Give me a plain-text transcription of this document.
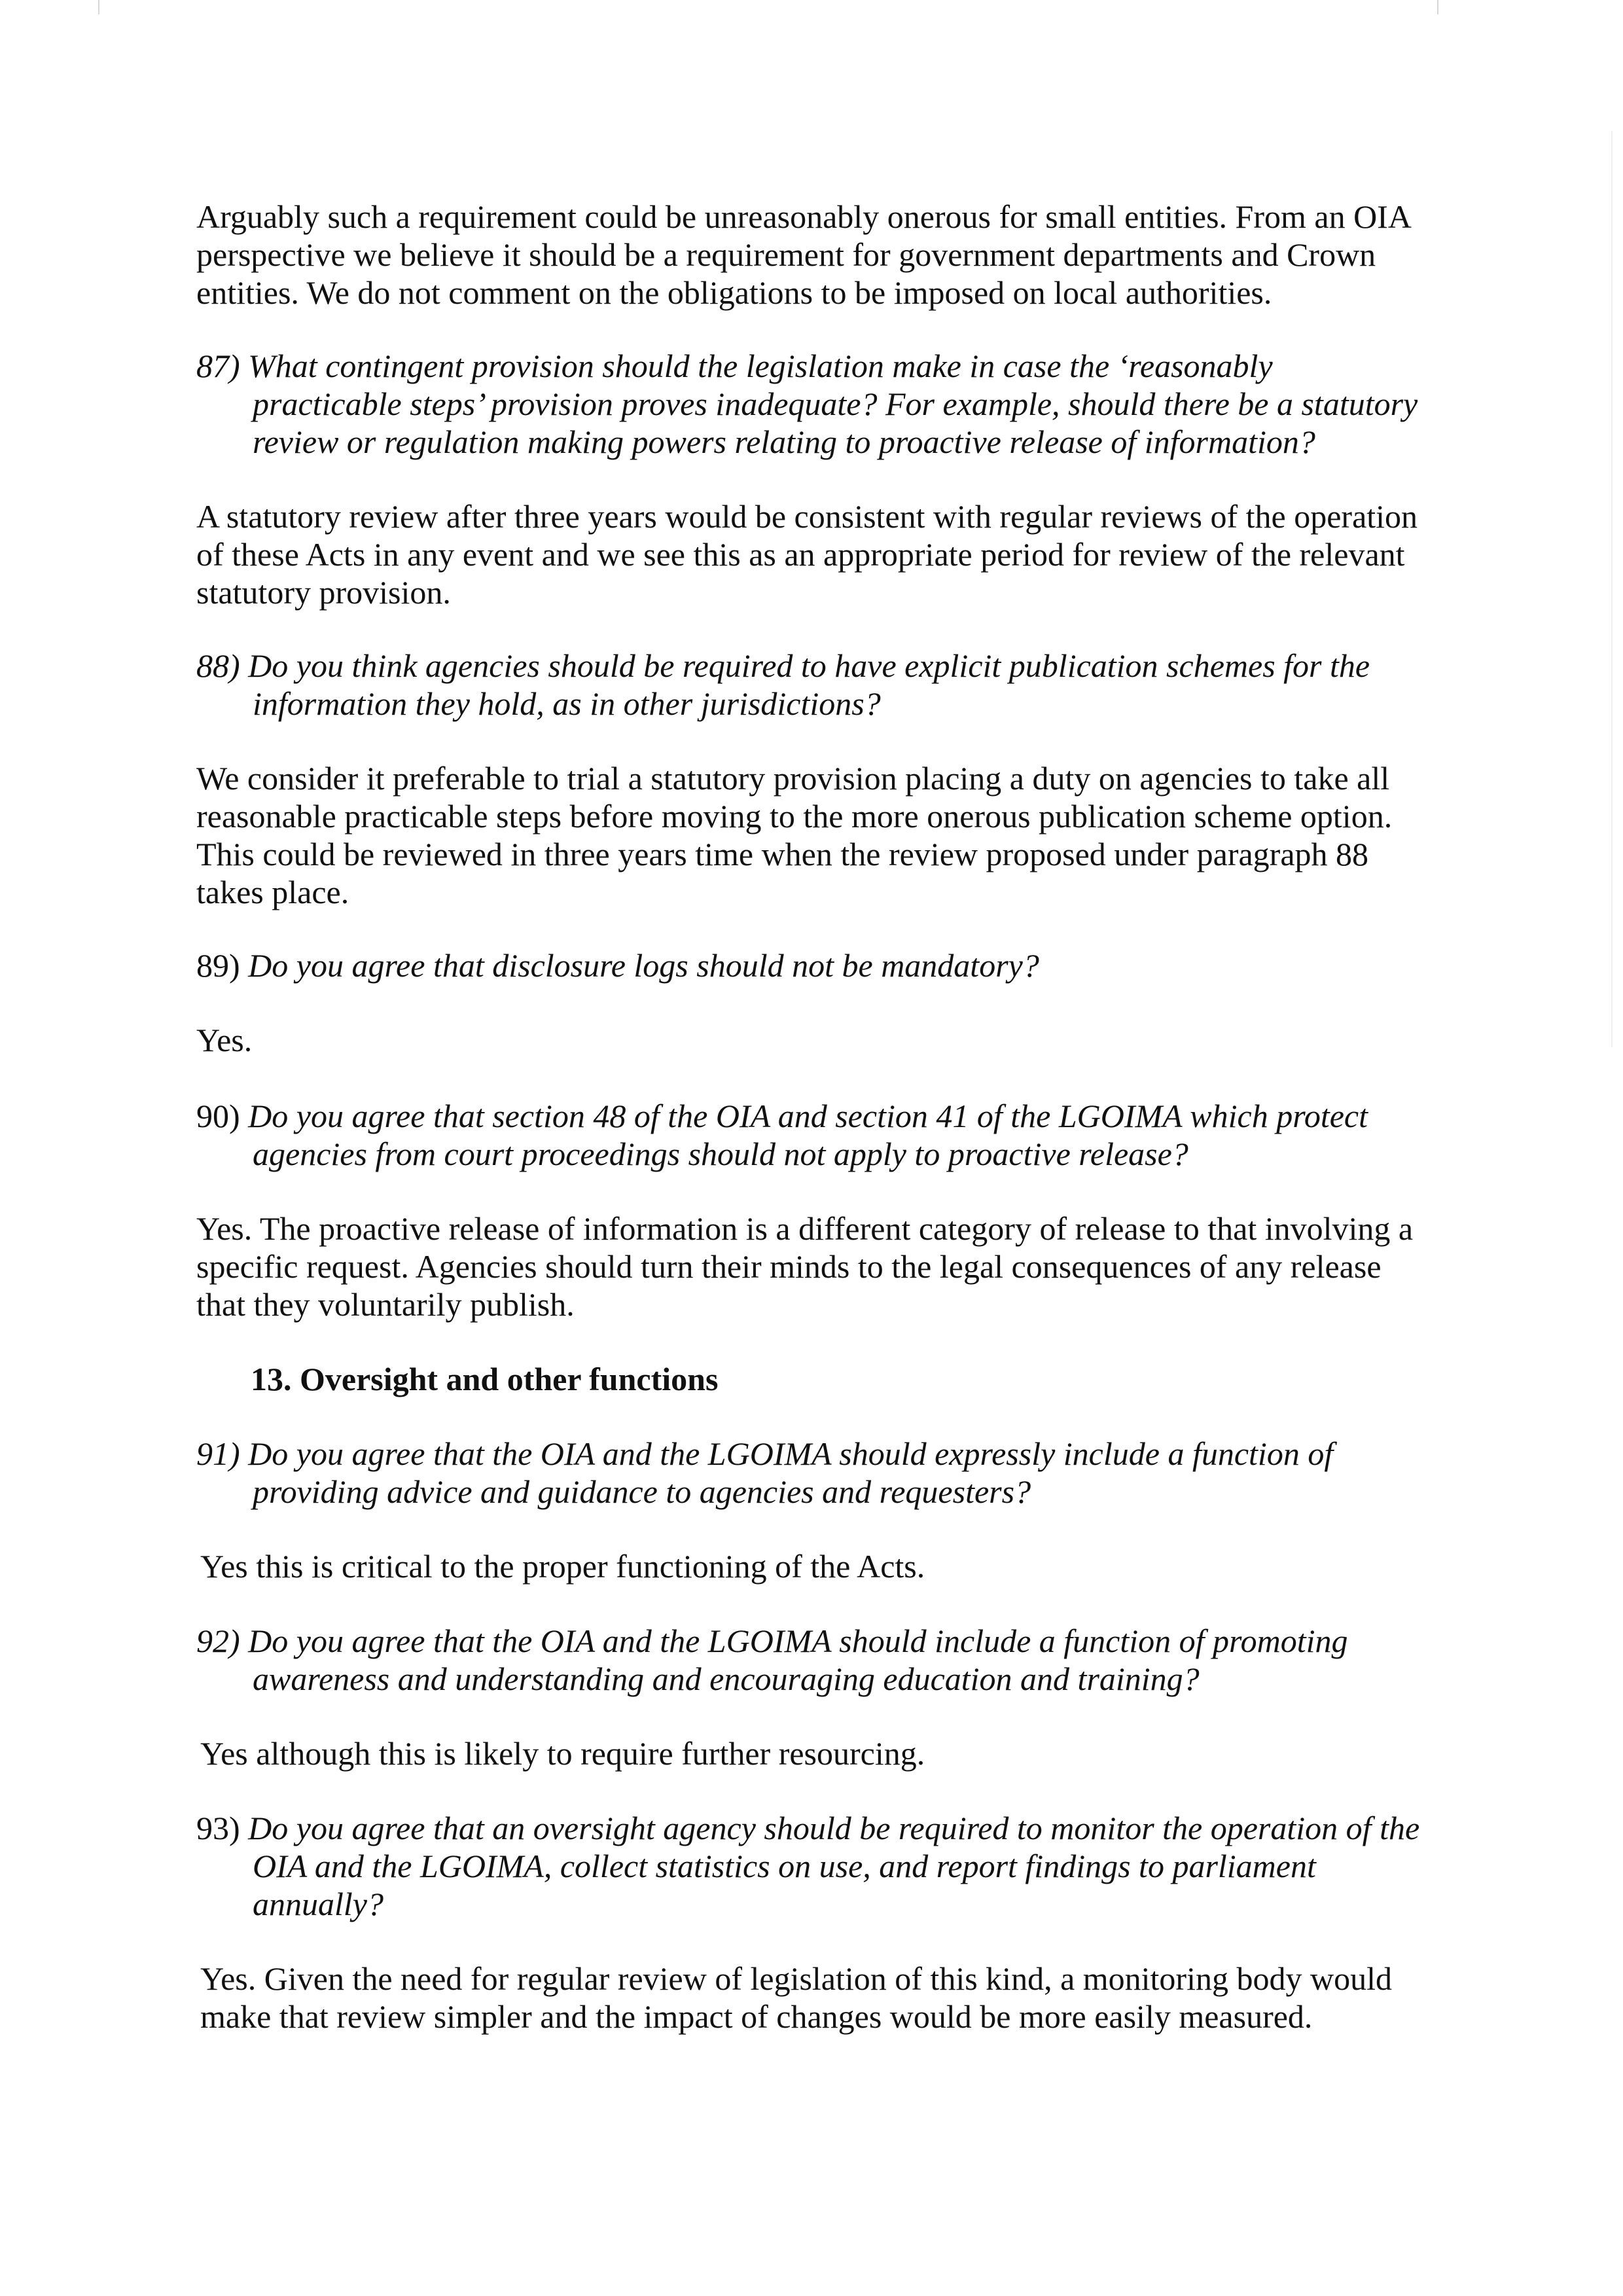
Arguably such a requirement could be unreasonably onerous for small entities. From an OIA
perspective we believe it should be a requirement for government departments and Crown
entities. We do not comment on the obligations to be imposed on local authorities.
87) What contingent provision should the legislation make in case the ‘reasonably
practicable steps’ provision proves inadequate? For example, should there be a statutory
review or regulation making powers relating to proactive release of information?
A statutory review after three years would be consistent with regular reviews of the operation
of these Acts in any event and we see this as an appropriate period for review of the relevant
statutory provision.
88) Do you think agencies should be required to have explicit publication schemes for the
information they hold, as in other jurisdictions?
We consider it preferable to trial a statutory provision placing a duty on agencies to take all
reasonable practicable steps before moving to the more onerous publication scheme option.
This could be reviewed in three years time when the review proposed under paragraph 88
takes place.
89) Do you agree that disclosure logs should not be mandatory?
Yes.
90) Do you agree that section 48 of the OIA and section 41 of the LGOIMA which protect
agencies from court proceedings should not apply to proactive release?
Yes. The proactive release of information is a different category of release to that involving a
specific request. Agencies should turn their minds to the legal consequences of any release
that they voluntarily publish.
13. Oversight and other functions
91) Do you agree that the OIA and the LGOIMA should expressly include a function of
providing advice and guidance to agencies and requesters?
Yes this is critical to the proper functioning of the Acts.
92) Do you agree that the OIA and the LGOIMA should include a function of promoting
awareness and understanding and encouraging education and training?
Yes although this is likely to require further resourcing.
93) Do you agree that an oversight agency should be required to monitor the operation of the
OIA and the LGOIMA, collect statistics on use, and report findings to parliament
annually?
Yes. Given the need for regular review of legislation of this kind, a monitoring body would
make that review simpler and the impact of changes would be more easily measured.
